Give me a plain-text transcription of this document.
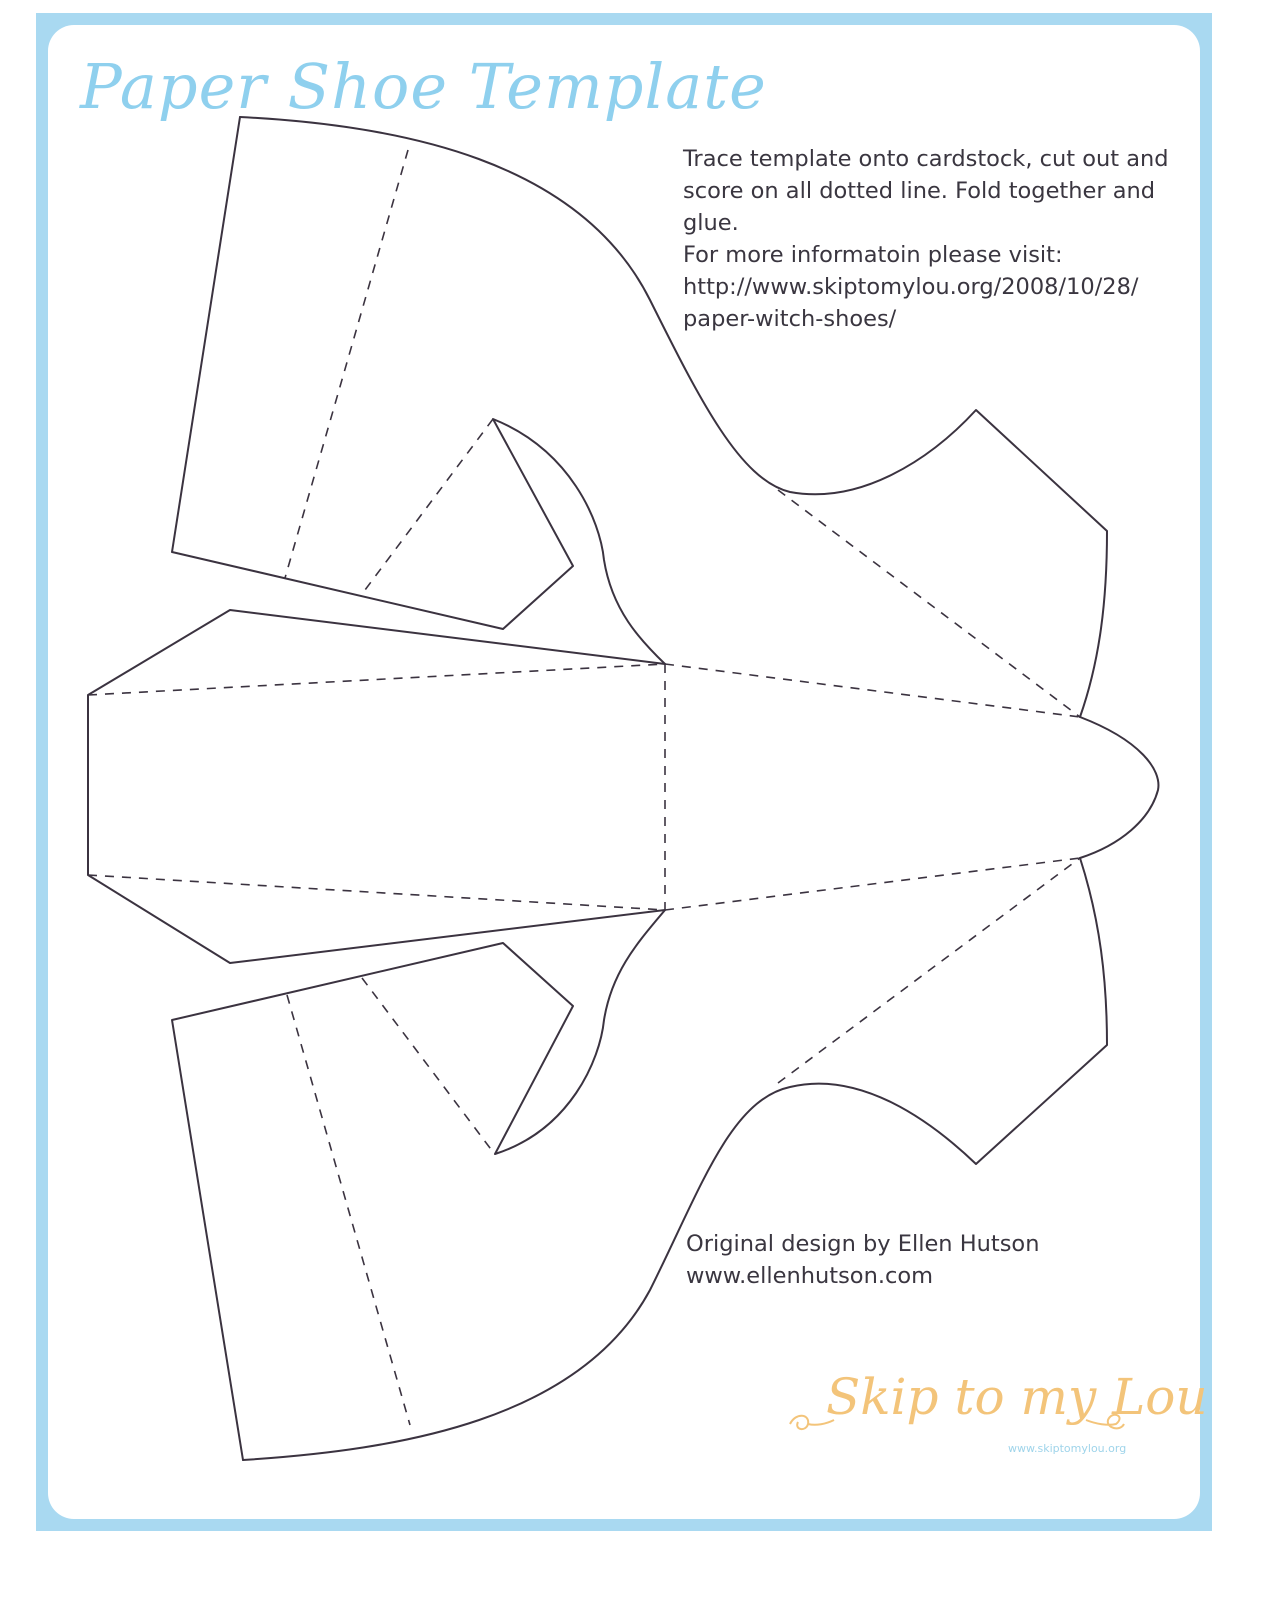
Paper Shoe Template
Trace template onto cardstock, cut out and
score on all dotted line. Fold together and
glue.
For more informatoin please visit:
http://www.skiptomylou.org/2008/10/28/
paper-witch-shoes/
Original design by Ellen Hutson
www.ellenhutson.com
Skip to my Lou
www.skiptomylou.org
